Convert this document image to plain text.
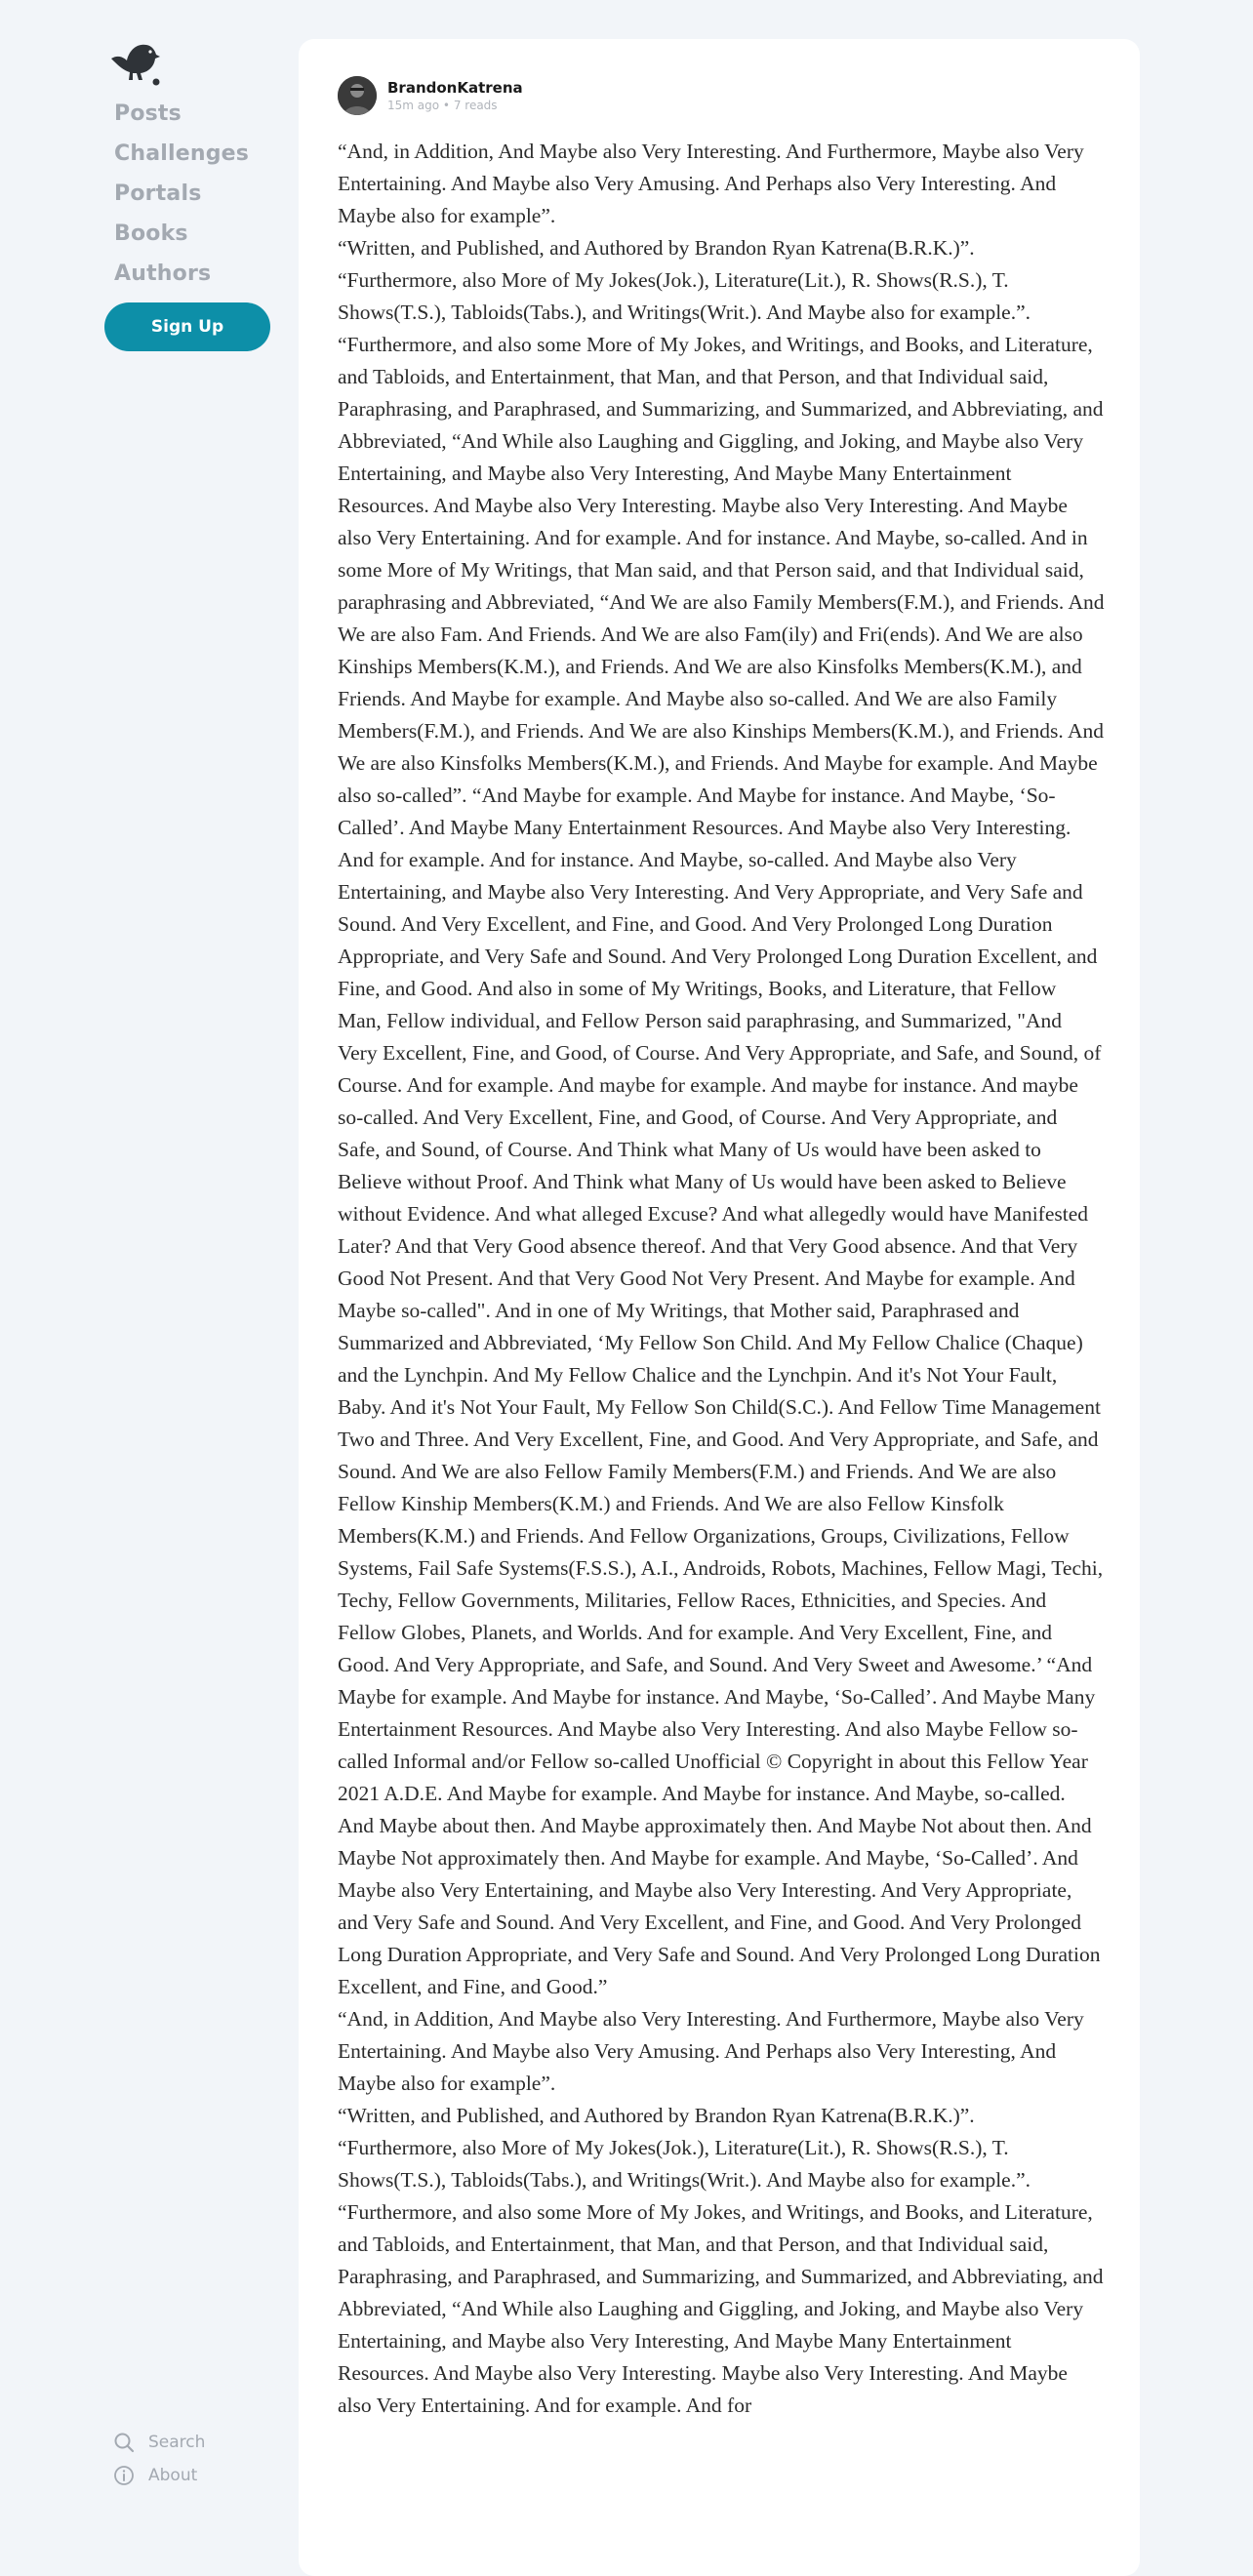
Posts
Challenges
Portals
Books
Authors
Sign Up
Search
About
BrandonKatrena
15m ago • 7 reads

“And, in Addition, And Maybe also Very Interesting. And Furthermore, Maybe also Very Entertaining. And Maybe also Very Amusing. And Perhaps also Very Interesting. And Maybe also for example”.

“Written, and Published, and Authored by Brandon Ryan Katrena(B.R.K.)”.

“Furthermore, also More of My Jokes(Jok.), Literature(Lit.), R. Shows(R.S.), T. Shows(T.S.), Tabloids(Tabs.), and Writings(Writ.). And Maybe also for example.”.

“Furthermore, and also some More of My Jokes, and Writings, and Books, and Literature, and Tabloids, and Entertainment, that Man, and that Person, and that Individual said, Paraphrasing, and Paraphrased, and Summarizing, and Summarized, and Abbreviating, and Abbreviated, “And While also Laughing and Giggling, and Joking, and Maybe also Very Entertaining, and Maybe also Very Interesting, And Maybe Many Entertainment Resources. And Maybe also Very Interesting. Maybe also Very Interesting. And Maybe also Very Entertaining. And for example. And for instance. And Maybe, so-called. And in some More of My Writings, that Man said, and that Person said, and that Individual said, paraphrasing and Abbreviated, “And We are also Family Members(F.M.), and Friends. And We are also Fam. And Friends. And We are also Fam(ily) and Fri(ends). And We are also Kinships Members(K.M.), and Friends. And We are also Kinsfolks Members(K.M.), and Friends. And Maybe for example. And Maybe also so-called. And We are also Family Members(F.M.), and Friends. And We are also Kinships Members(K.M.), and Friends. And We are also Kinsfolks Members(K.M.), and Friends. And Maybe for example. And Maybe also so-called”. “And Maybe for example. And Maybe for instance. And Maybe, ‘So-Called’. And Maybe Many Entertainment Resources. And Maybe also Very Interesting. And for example. And for instance. And Maybe, so-called. And Maybe also Very Entertaining, and Maybe also Very Interesting. And Very Appropriate, and Very Safe and Sound. And Very Excellent, and Fine, and Good. And Very Prolonged Long Duration Appropriate, and Very Safe and Sound. And Very Prolonged Long Duration Excellent, and Fine, and Good. And also in some of My Writings, Books, and Literature, that Fellow Man, Fellow individual, and Fellow Person said paraphrasing, and Summarized, "And Very Excellent, Fine, and Good, of Course. And Very Appropriate, and Safe, and Sound, of Course. And for example. And maybe for example. And maybe for instance. And maybe so-called. And Very Excellent, Fine, and Good, of Course. And Very Appropriate, and Safe, and Sound, of Course. And Think what Many of Us would have been asked to Believe without Proof. And Think what Many of Us would have been asked to Believe without Evidence. And what alleged Excuse? And what allegedly would have Manifested Later? And that Very Good absence thereof. And that Very Good absence. And that Very Good Not Present. And that Very Good Not Very Present. And Maybe for example. And Maybe so-called". And in one of My Writings, that Mother said, Paraphrased and Summarized and Abbreviated, ‘My Fellow Son Child. And My Fellow Chalice (Chaque) and the Lynchpin. And My Fellow Chalice and the Lynchpin. And it's Not Your Fault, Baby. And it's Not Your Fault, My Fellow Son Child(S.C.). And Fellow Time Management Two and Three. And Very Excellent, Fine, and Good. And Very Appropriate, and Safe, and Sound. And We are also Fellow Family Members(F.M.) and Friends. And We are also Fellow Kinship Members(K.M.) and Friends. And We are also Fellow Kinsfolk Members(K.M.) and Friends. And Fellow Organizations, Groups, Civilizations, Fellow Systems, Fail Safe Systems(F.S.S.), A.I., Androids, Robots, Machines, Fellow Magi, Techi, Techy, Fellow Governments, Militaries, Fellow Races, Ethnicities, and Species. And Fellow Globes, Planets, and Worlds. And for example. And Very Excellent, Fine, and Good. And Very Appropriate, and Safe, and Sound. And Very Sweet and Awesome.’ “And Maybe for example. And Maybe for instance. And Maybe, ‘So-Called’. And Maybe Many Entertainment Resources. And Maybe also Very Interesting. And also Maybe Fellow so-called Informal and/or Fellow so-called Unofficial © Copyright in about this Fellow Year 2021 A.D.E. And Maybe for example. And Maybe for instance. And Maybe, so-called. And Maybe about then. And Maybe approximately then. And Maybe Not about then. And Maybe Not approximately then. And Maybe for example. And Maybe, ‘So-Called’. And Maybe also Very Entertaining, and Maybe also Very Interesting. And Very Appropriate, and Very Safe and Sound. And Very Excellent, and Fine, and Good. And Very Prolonged Long Duration Appropriate, and Very Safe and Sound. And Very Prolonged Long Duration Excellent, and Fine, and Good.”

“And, in Addition, And Maybe also Very Interesting. And Furthermore, Maybe also Very Entertaining. And Maybe also Very Amusing. And Perhaps also Very Interesting, And Maybe also for example”.

“Written, and Published, and Authored by Brandon Ryan Katrena(B.R.K.)”.

“Furthermore, also More of My Jokes(Jok.), Literature(Lit.), R. Shows(R.S.), T. Shows(T.S.), Tabloids(Tabs.), and Writings(Writ.). And Maybe also for example.”.

“Furthermore, and also some More of My Jokes, and Writings, and Books, and Literature, and Tabloids, and Entertainment, that Man, and that Person, and that Individual said, Paraphrasing, and Paraphrased, and Summarizing, and Summarized, and Abbreviating, and Abbreviated, “And While also Laughing and Giggling, and Joking, and Maybe also Very Entertaining, and Maybe also Very Interesting, And Maybe Many Entertainment Resources. And Maybe also Very Interesting. Maybe also Very Interesting. And Maybe also Very Entertaining. And for example. And for
